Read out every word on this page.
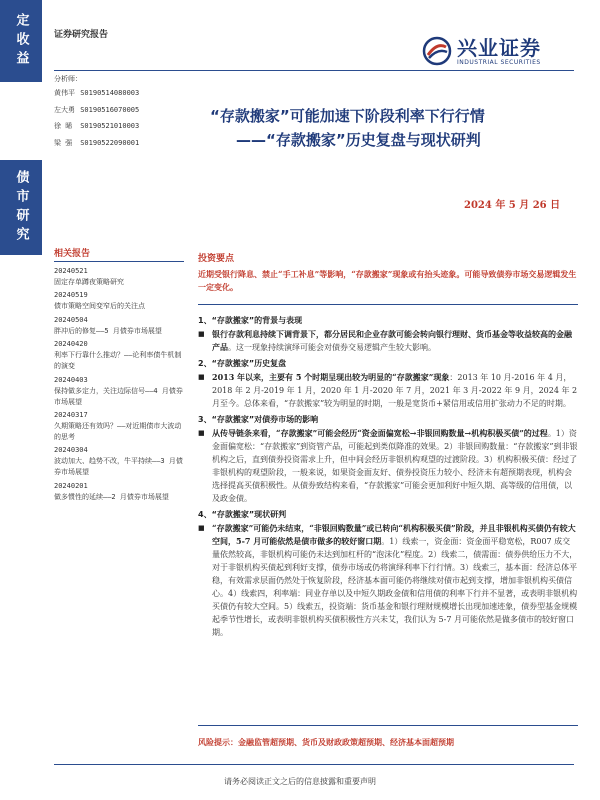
定收益
债市研究
证券研究报告
兴业证券
INDUSTRIAL SECURITIES
分析师：
黄伟平 S0190514080003
左大勇 S0190516070005
徐 晞 S0190521010003
梁 强 S0190522090001
“存款搬家”可能加速下阶段利率下行行情
——“存款搬家”历史复盘与现状研判
2024 年 5 月 26 日
相关报告
20240521
固定存单蹲夜策略研究
20240519
债市策略空间变窄后的关注点
20240504
胖冲后的修复——5 月债券市场展望
20240420
利率下行靠什么推动？——论利率债牛机制的演变
20240403
保持做多定力，关注边际信号——4 月债券市场展望
20240317
久期策略还有效吗？——对近期债市大波动的思考
20240304
波动加大、趋势不改，牛平持续——3 月债券市场展望
20240201
做多惯性的延续——2 月债券市场展望
投资要点
近期受银行降息、禁止“手工补息”等影响，“存款搬家”现象或有抬头迹象。可能导致债券市场交易逻辑发生一定变化。
1、“存款搬家”的背景与表现
■ 银行存款利息持续下调背景下，都分居民和企业存款可能会转向银行理财、货币基金等收益较高的金融产品。这一现象持续演绎可能会对债券交易逻辑产生较大影响。
2、“存款搬家”历史复盘
■ 2013 年以来，主要有 5 个时期呈现出较为明显的“存款搬家”现象：2013 年 10 月-2016 年 4 月，2018 年 2 月-2019 年 1 月，2020 年 1 月-2020 年 7 月，2021 年 3 月-2022 年 9 月，2024 年 2 月至今。总体来看，“存款搬家”较为明显的时期，一般是宽货币+紧信用或信用扩张动力不足的时期。
3、“存款搬家”对债券市场的影响
■ 从传导链条来看，“存款搬家”可能会经历“资金面偏宽松→非银回购数量→机构积极买债”的过程。1）资金面偏宽松：“存款搬家”到资管产品，可能起到类似降准的效果。2）非银回购数量：“存款搬家”到非银机构之后，直到债券投资需求上升，但中间会经历非银机构观望的过渡阶段。3）机构积极买债：经过了非银机构的观望阶段，一般来说，如果资金面友好、债券投资压力较小、经济未有超预期表现，机构会选择提高买债积极性。从债券致结构来看，“存款搬家”可能会更加利好中短久期、高等级的信用债，以及政金债。
4、“存款搬家”现状研判
■ “存款搬家”可能仍未结束，“非银回购数量”或已转向“机构积极买债”阶段，并且非银机构买债仍有较大空间，5-7 月可能依然是债市做多的较好窗口期。1）线索一，资金面：资金面平稳宽松，R007 成交量依然较高，非银机构可能仍未达到加杠杆的“泡沫化”程度。2）线索二，债需面：债券供给压力不大，对于非银机构买债起到利好支撑，债券市场或仍将演绎利率下行行情。3）线索三，基本面：经济总体平稳，有效需求层面仍然处于恢复阶段，经济基本面可能仍将继续对债市起到支撑，增加非银机构买债信心。4）线索四，利率端：同业存单以及中短久期政金债和信用债的利率下行并不显著，或表明非银机构买债仍有较大空间。5）线索五，投资端：货币基金和银行理财规模增长出现加速迹象，债券型基金规模起季节性增长，或表明非银机构买债积极性方兴未艾，我们认为 5-7 月可能依然是做多债市的较好窗口期。
风险提示：金融监管超预期、货币及财政政策超预期、经济基本面超预期
请务必阅读正文之后的信息披露和重要声明
